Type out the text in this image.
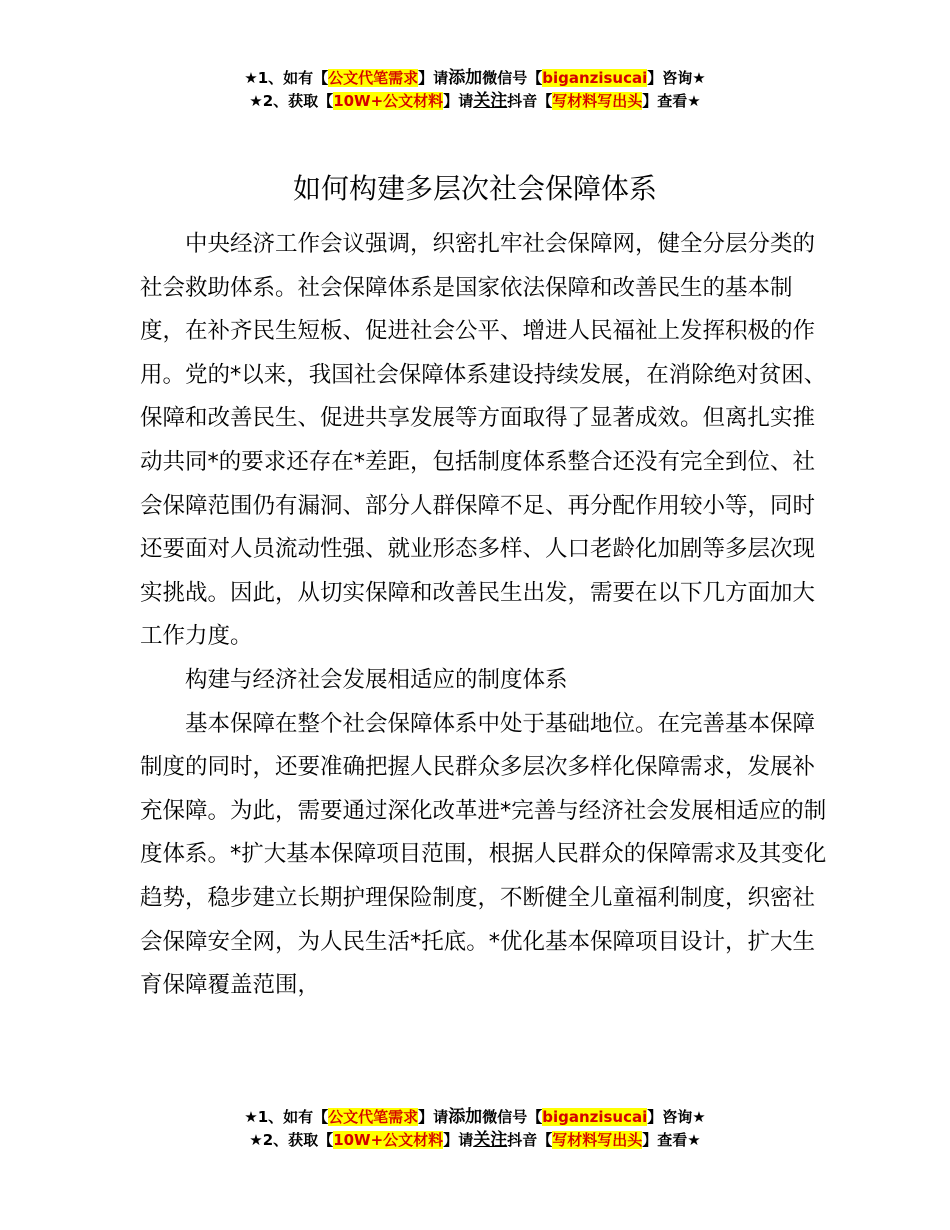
★1、如有【公文代笔需求】请添加微信号【biganzisucai】咨询★
★2、获取【10W+公文材料】请关注抖音【写材料写出头】查看★
如何构建多层次社会保障体系

中央经济工作会议强调，织密扎牢社会保障网，健全分层分类的社会救助体系。社会保障体系是国家依法保障和改善民生的基本制度，在补齐民生短板、促进社会公平、增进人民福祉上发挥积极的作用。党的*以来，我国社会保障体系建设持续发展，在消除绝对贫困、保障和改善民生、促进共享发展等方面取得了显著成效。但离扎实推动共同*的要求还存在*差距，包括制度体系整合还没有完全到位、社会保障范围仍有漏洞、部分人群保障不足、再分配作用较小等，同时还要面对人员流动性强、就业形态多样、人口老龄化加剧等多层次现实挑战。因此，从切实保障和改善民生出发，需要在以下几方面加大工作力度。

构建与经济社会发展相适应的制度体系

基本保障在整个社会保障体系中处于基础地位。在完善基本保障制度的同时，还要准确把握人民群众多层次多样化保障需求，发展补充保障。为此，需要通过深化改革进*完善与经济社会发展相适应的制度体系。*扩大基本保障项目范围，根据人民群众的保障需求及其变化趋势，稳步建立长期护理保险制度，不断健全儿童福利制度，织密社会保障安全网，为人民生活*托底。*优化基本保障项目设计，扩大生育保障覆盖范围，

★1、如有【公文代笔需求】请添加微信号【biganzisucai】咨询★
★2、获取【10W+公文材料】请关注抖音【写材料写出头】查看★
